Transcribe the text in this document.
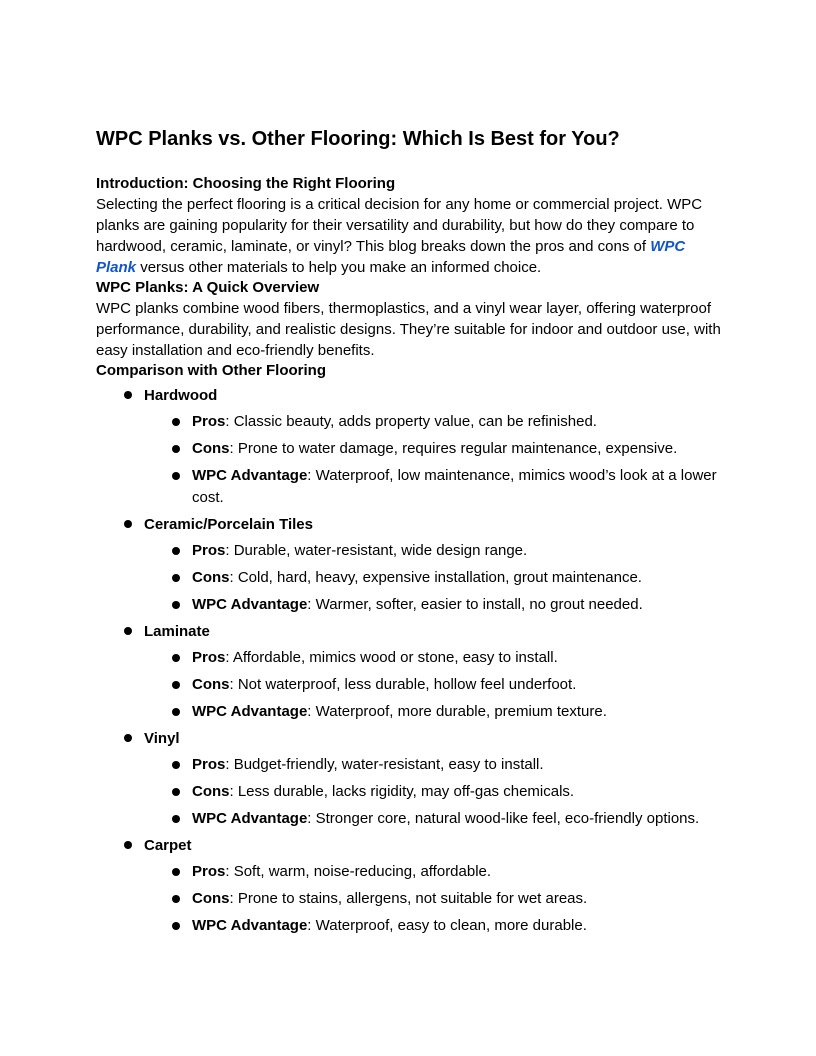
WPC Planks vs. Other Flooring: Which Is Best for You?

Introduction: Choosing the Right Flooring

Selecting the perfect flooring is a critical decision for any home or commercial project. WPC planks are gaining popularity for their versatility and durability, but how do they compare to hardwood, ceramic, laminate, or vinyl? This blog breaks down the pros and cons of WPC Plank versus other materials to help you make an informed choice.

WPC Planks: A Quick Overview

WPC planks combine wood fibers, thermoplastics, and a vinyl wear layer, offering waterproof performance, durability, and realistic designs. They’re suitable for indoor and outdoor use, with easy installation and eco-friendly benefits.

Comparison with Other Flooring

Hardwood
Pros: Classic beauty, adds property value, can be refinished.
Cons: Prone to water damage, requires regular maintenance, expensive.
WPC Advantage: Waterproof, low maintenance, mimics wood’s look at a lower cost.
Ceramic/Porcelain Tiles
Pros: Durable, water-resistant, wide design range.
Cons: Cold, hard, heavy, expensive installation, grout maintenance.
WPC Advantage: Warmer, softer, easier to install, no grout needed.
Laminate
Pros: Affordable, mimics wood or stone, easy to install.
Cons: Not waterproof, less durable, hollow feel underfoot.
WPC Advantage: Waterproof, more durable, premium texture.
Vinyl
Pros: Budget-friendly, water-resistant, easy to install.
Cons: Less durable, lacks rigidity, may off-gas chemicals.
WPC Advantage: Stronger core, natural wood-like feel, eco-friendly options.
Carpet
Pros: Soft, warm, noise-reducing, affordable.
Cons: Prone to stains, allergens, not suitable for wet areas.
WPC Advantage: Waterproof, easy to clean, more durable.
